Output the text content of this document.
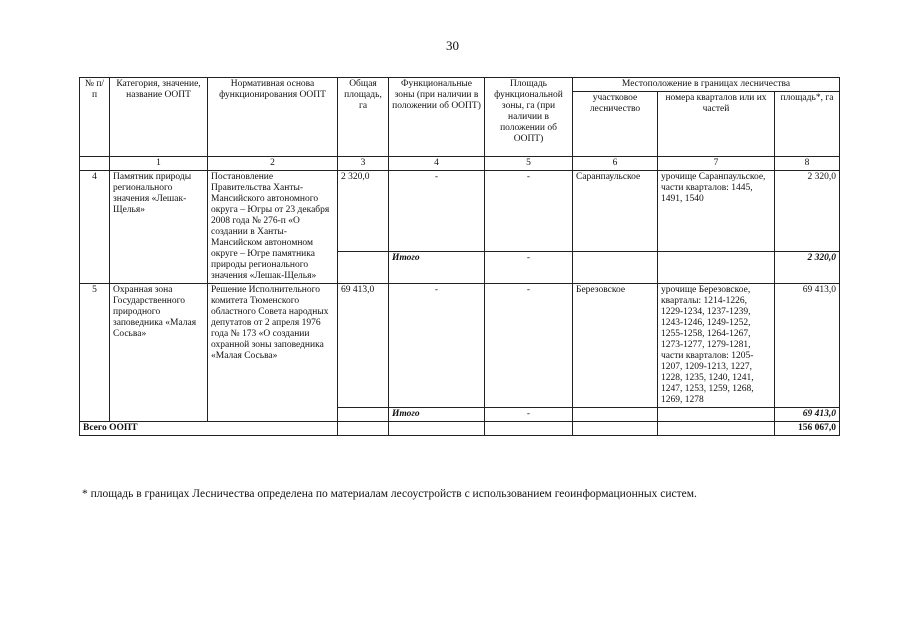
30
№ п/п	Категория, значение, название ООПТ	Нормативная основа функционирования ООПТ	Общая площадь, га	Функциональные зоны (при наличии в положении об ООПТ)	Площадь функциональной зоны, га (при наличии в положении об ООПТ)	Местоположение в границах лесничества		
						участковое лесничество	номера кварталов или их частей	площадь*, га
	1	2	3	4	5	6	7	8
4	Памятник природы регионального значения «Лешак-Щелья»	Постановление Правительства Ханты-Мансийского автономного округа – Югры от 23 декабря 2008 года № 276-п «О создании в Ханты-Мансийском автономном округе – Югре памятника природы регионального значения «Лешак-Щелья»	2 320,0	-	-	Саранпаульское	урочище Саранпаульское, части кварталов: 1445, 1491, 1540	2 320,0
				Итого	-			2 320,0
5	Охранная зона Государственного природного заповедника «Малая Сосьва»	Решение Исполнительного комитета Тюменского областного Совета народных депутатов от 2 апреля 1976 года № 173 «О создании охранной зоны заповедника «Малая Сосьва»	69 413,0	-	-	Березовское	урочище Березовское, кварталы: 1214-1226, 1229-1234, 1237-1239, 1243-1246, 1249-1252, 1255-1258, 1264-1267, 1273-1277, 1279-1281, части кварталов: 1205-1207, 1209-1213, 1227, 1228, 1235, 1240, 1241, 1247, 1253, 1259, 1268, 1269, 1278	69 413,0
				Итого	-			69 413,0
Всего ООПТ								156 067,0
* площадь в границах Лесничества определена по материалам лесоустройств с использованием геоинформационных систем.
